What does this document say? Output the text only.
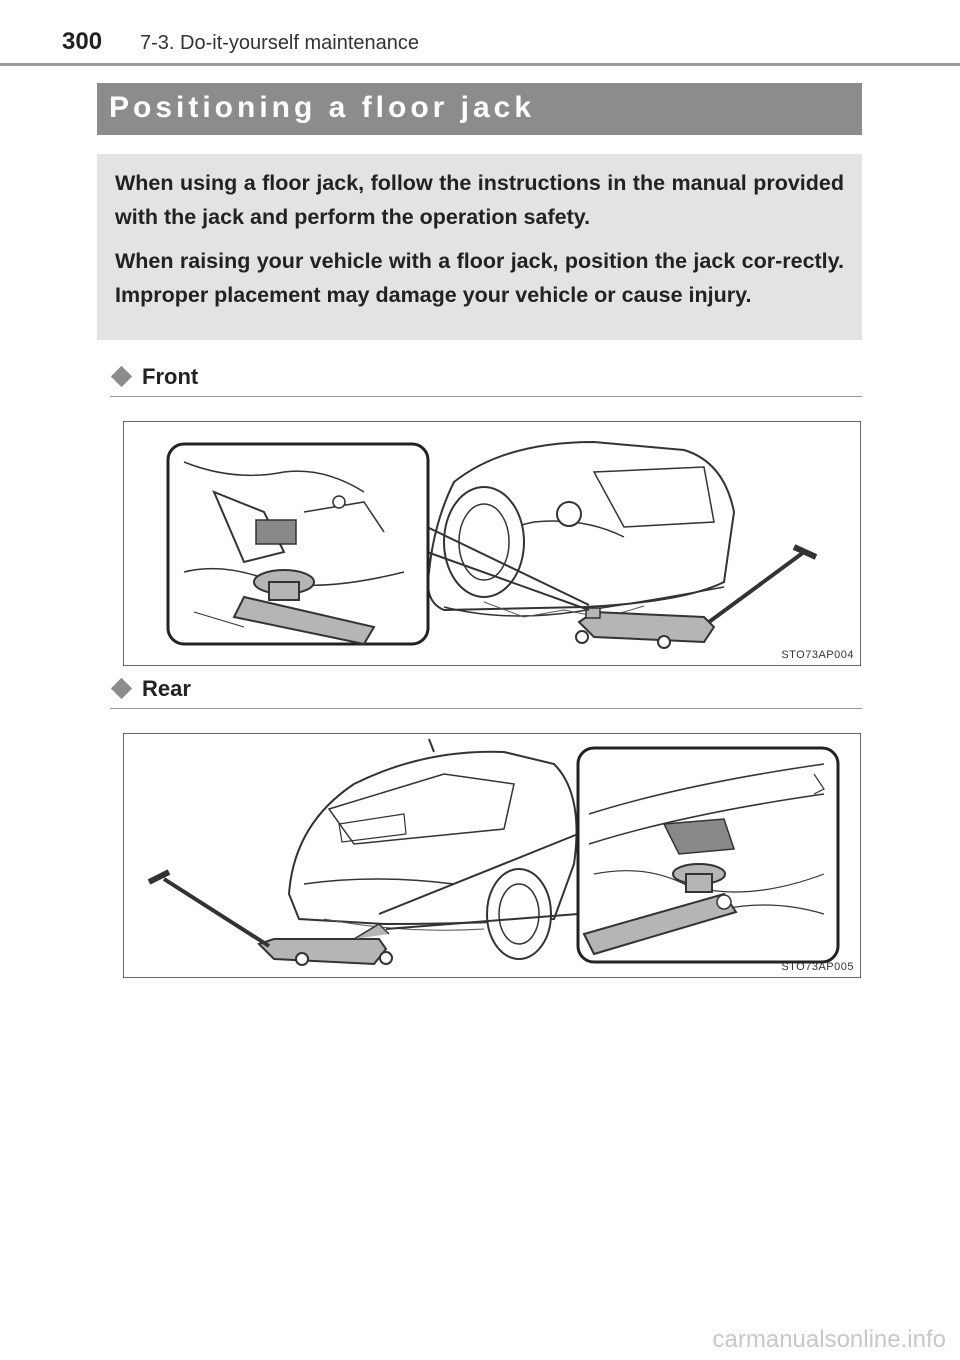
300 7-3. Do-it-yourself maintenance
Positioning a floor jack

When using a floor jack, follow the instructions in the manual provided with the jack and perform the operation safety.

When raising your vehicle with a floor jack, position the jack cor-rectly. Improper placement may damage your vehicle or cause injury.

Front
STO73AP004
Rear
STO73AP005
carmanualsonline.info
